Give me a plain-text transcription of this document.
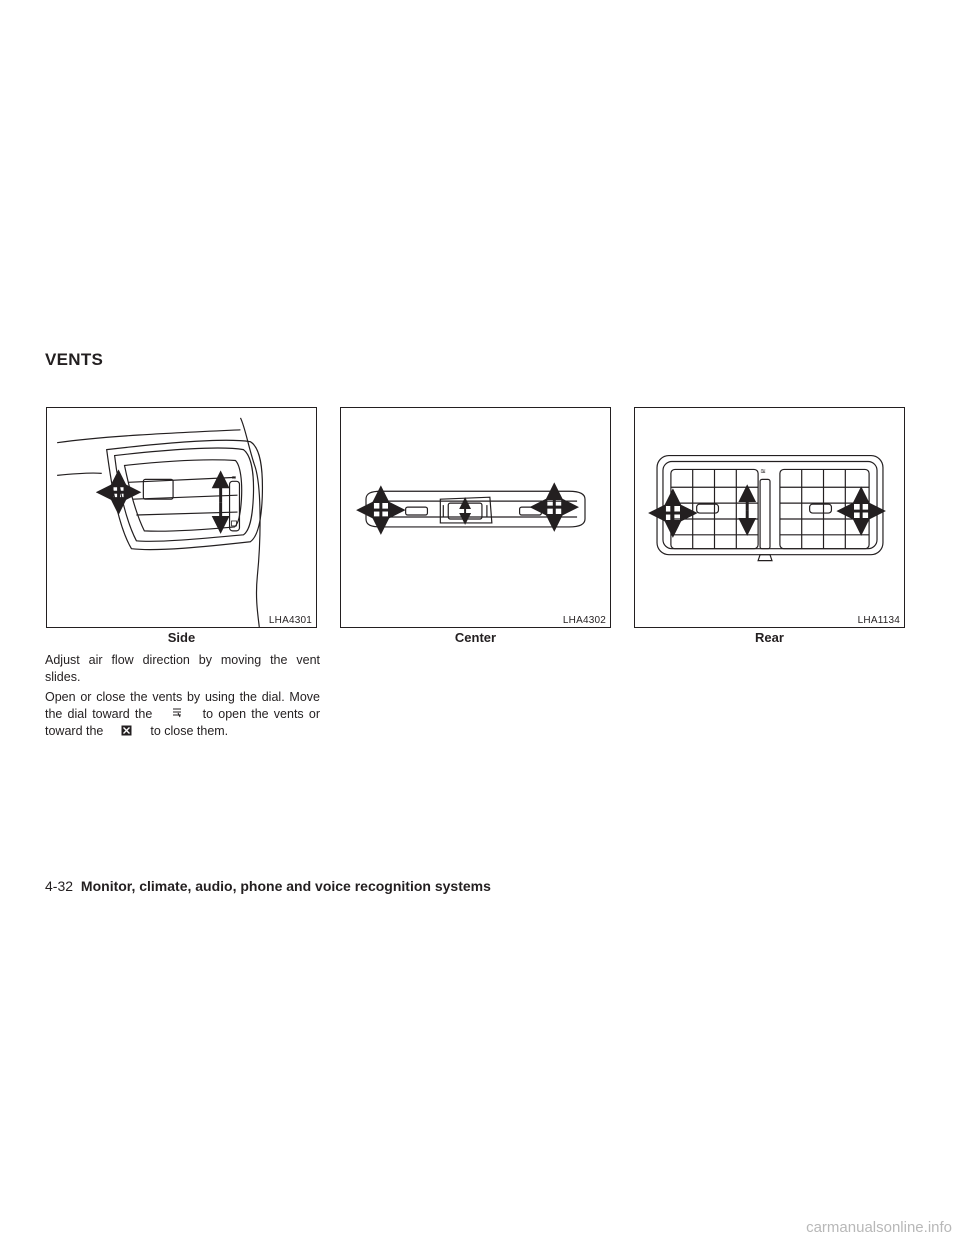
VENTS
≋
LHA4301
Side
LHA4302
Center
≋
LHA1134
Rear
Adjust air flow direction by moving the vent slides.
Open or close the vents by using the dial. Move the dial toward the	to open the vents or toward the	to close them.
4-32 Monitor, climate, audio, phone and voice recognition systems
carmanualsonline.info
